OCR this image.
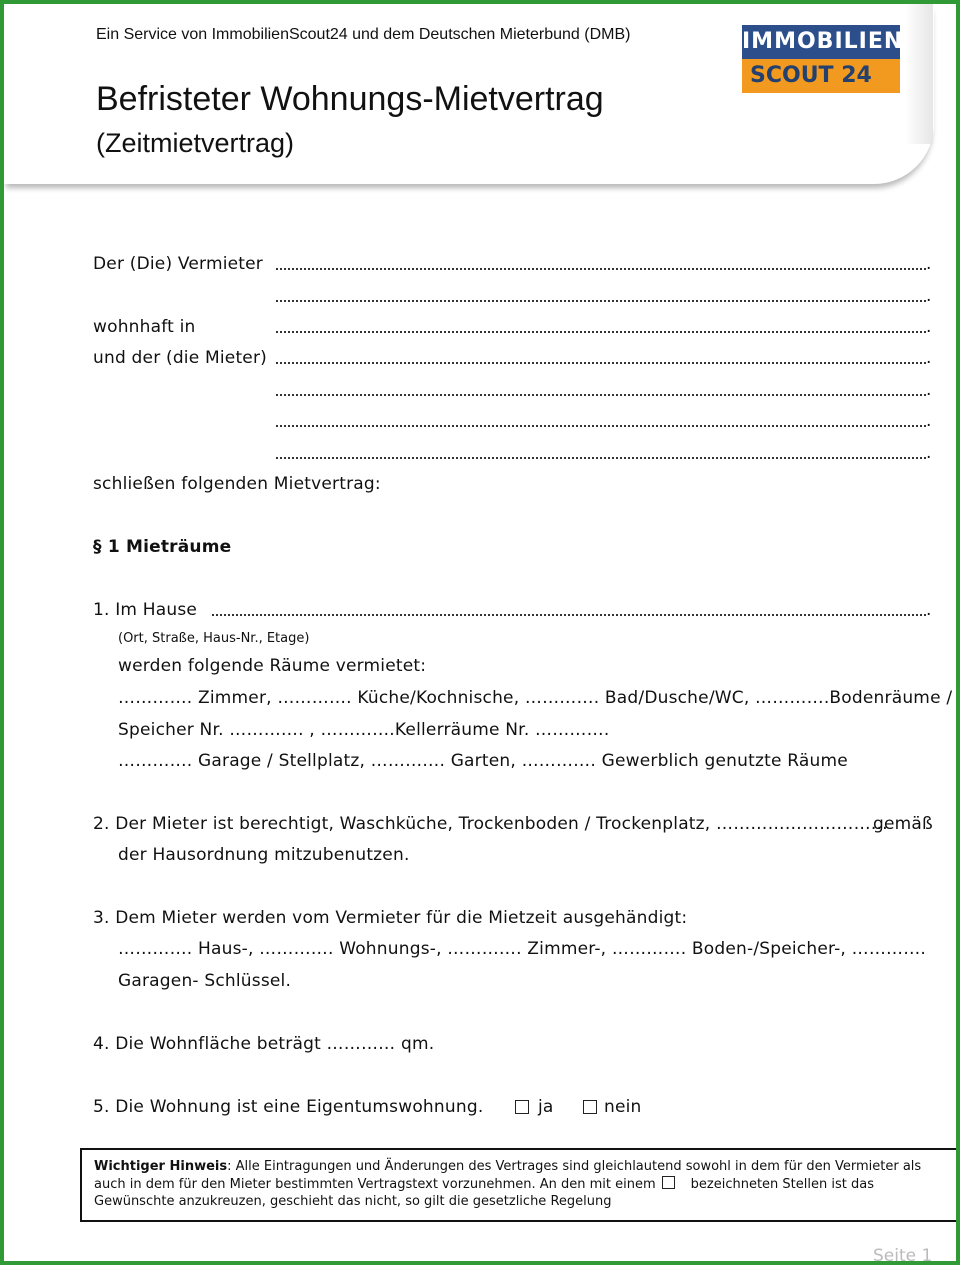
Ein Service von ImmobilienScout24 und dem Deutschen Mieterbund (DMB)
Befristeter Wohnungs-Mietvertrag
(Zeitmietvertrag)
IMMOBILIEN
SCOUT 24
Der (Die) Vermieter	.
.
wohnhaft in	.
und der (die Mieter)	.
.
.
.
schließen folgenden Mietvertrag:
§ 1 Mieträume
1. Im Hause	.
(Ort, Straße, Haus-Nr., Etage)
werden folgende Räume vermietet:
…………. Zimmer, …………. Küche/Kochnische, …………. Bad/Dusche/WC, ………….Bodenräume /
Speicher Nr. …………. , ………….Kellerräume Nr. ………….
…………. Garage / Stellplatz, …………. Garten, …………. Gewerblich genutzte Räume
2. Der Mieter ist berechtigt, Waschküche, Trockenboden / Trockenplatz, …………………………
gemäß
der Hausordnung mitzubenutzen.
3. Dem Mieter werden vom Vermieter für die Mietzeit ausgehändigt:
…………. Haus-, …………. Wohnungs-, …………. Zimmer-, …………. Boden-/Speicher-, ………….
Garagen- Schlüssel.
4. Die Wohnfläche beträgt ………… qm.
5. Die Wohnung ist eine Eigentumswohnung.	ja	nein
Wichtiger Hinweis: Alle Eintragungen und Änderungen des Vertrages sind gleichlautend sowohl in dem für den Vermieter als auch in dem für den Mieter bestimmten Vertragstext vorzunehmen. An den mit einem	bezeichneten Stellen ist das Gewünschte anzukreuzen, geschieht das nicht, so gilt die gesetzliche Regelung
Seite 1
